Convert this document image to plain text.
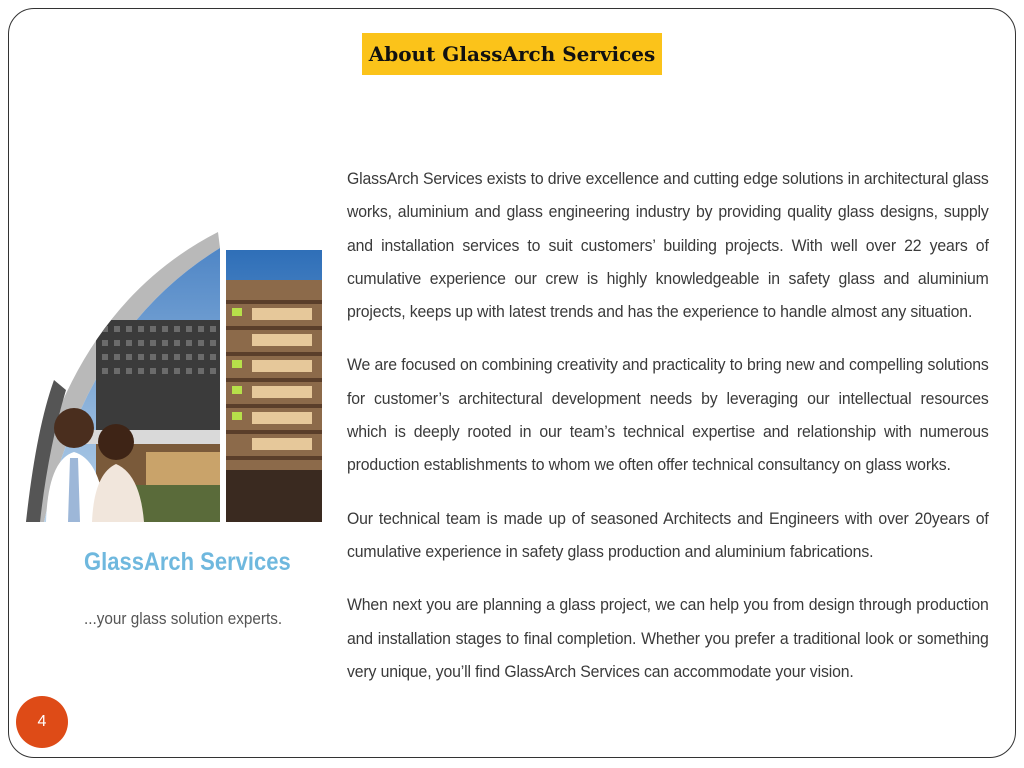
About GlassArch Services
GlassArch Services
...your glass solution experts.

GlassArch Services exists to drive excellence and cutting edge solutions in architectural glass works, aluminium and glass engineering industry by providing quality glass designs, supply and installation services to suit customers’ building projects. With well over 22 years of cumulative experience our crew is highly knowledgeable in safety glass and aluminium projects, keeps up with latest trends and has the experience to handle almost any situation.

We are focused on combining creativity and practicality to bring new and compelling solutions for customer’s architectural development needs by leveraging our intellectual resources which is deeply rooted in our team’s technical expertise and relationship with numerous production establishments to whom we often offer technical consultancy on glass works.

Our technical team is made up of seasoned Architects and Engineers with over 20years of cumulative experience in safety glass production and aluminium fabrications.

When next you are planning a glass project, we can help you from design through production and installation stages to final completion. Whether you prefer a traditional look or something very unique, you’ll find GlassArch Services can accommodate your vision.

4
